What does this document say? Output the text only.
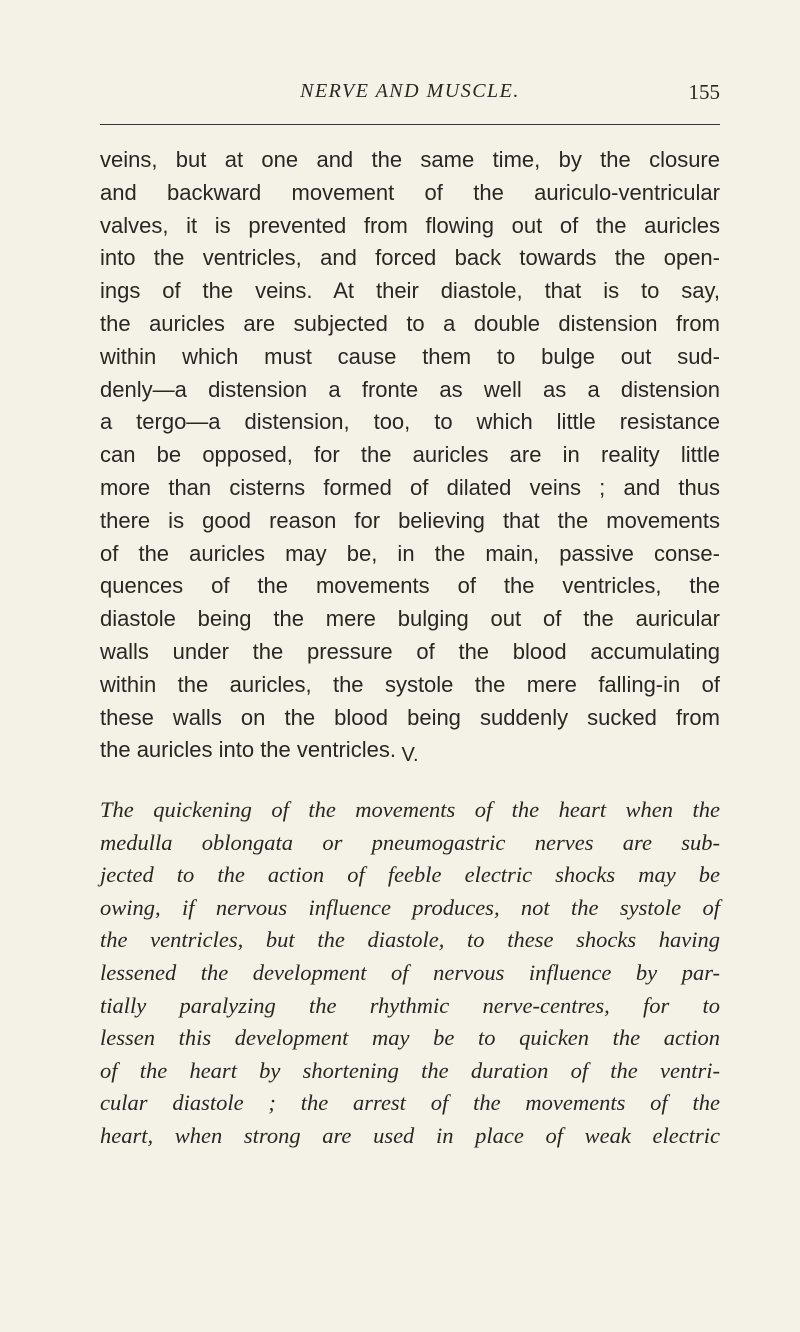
NERVE AND MUSCLE.	155
veins, but at one and the same time, by the closure
and backward movement of the auriculo-ventricular
valves, it is prevented from flowing out of the auricles
into the ventricles, and forced back towards the open-
ings of the veins. At their diastole, that is to say,
the auricles are subjected to a double distension from
within which must cause them to bulge out sud-
denly—a distension a fronte as well as a distension
a tergo—a distension, too, to which little resistance
can be opposed, for the auricles are in reality little
more than cisterns formed of dilated veins ; and thus
there is good reason for believing that the movements
of the auricles may be, in the main, passive conse-
quences of the movements of the ventricles, the
diastole being the mere bulging out of the auricular
walls under the pressure of the blood accumulating
within the auricles, the systole the mere falling-in of
these walls on the blood being suddenly sucked from
the auricles into the ventricles. V.
The quickening of the movements of the heart when the
medulla oblongata or pneumogastric nerves are sub-
jected to the action of feeble electric shocks may be
owing, if nervous influence produces, not the systole of
the ventricles, but the diastole, to these shocks having
lessened the development of nervous influence by par-
tially paralyzing the rhythmic nerve-centres, for to
lessen this development may be to quicken the action
of the heart by shortening the duration of the ventri-
cular diastole ; the arrest of the movements of the
heart, when strong are used in place of weak electric
